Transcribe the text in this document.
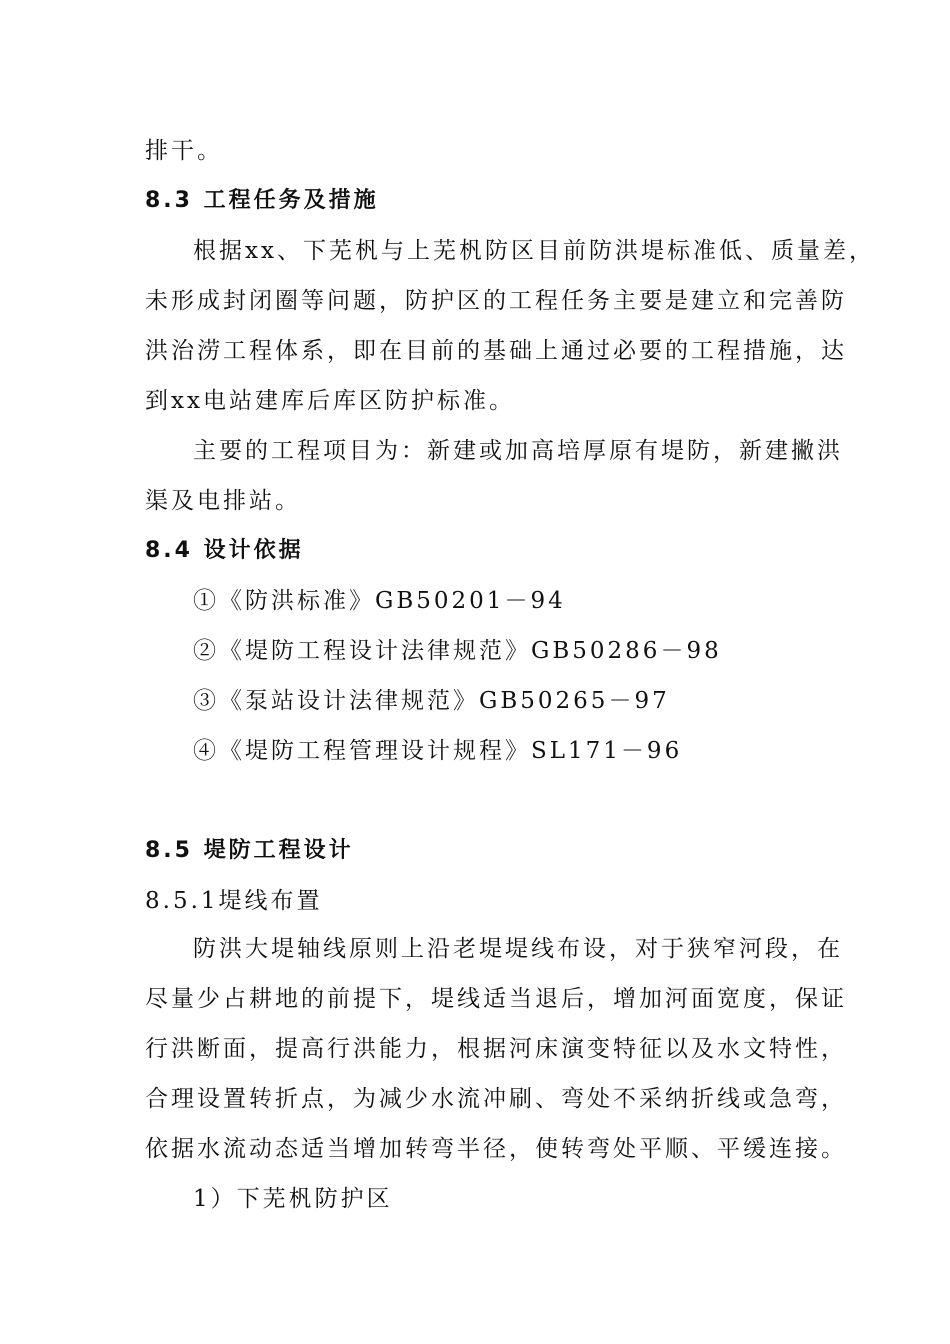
排干。
8.3 工程任务及措施
根据xx、下芜杋与上芜杋防区目前防洪堤标准低、质量差，
未形成封闭圈等问题，防护区的工程任务主要是建立和完善防
洪治涝工程体系，即在目前的基础上通过必要的工程措施，达
到xx电站建库后库区防护标准。
主要的工程项目为：新建或加高培厚原有堤防，新建撇洪
渠及电排站。
8.4 设计依据
①《防洪标准》GB50201－94
②《堤防工程设计法律规范》GB50286－98
③《泵站设计法律规范》GB50265－97
④《堤防工程管理设计规程》SL171－96
8.5 堤防工程设计
8.5.1堤线布置
防洪大堤轴线原则上沿老堤堤线布设，对于狭窄河段，在
尽量少占耕地的前提下，堤线适当退后，增加河面宽度，保证
行洪断面，提高行洪能力，根据河床演变特征以及水文特性，
合理设置转折点，为减少水流冲刷、弯处不采纳折线或急弯，
依据水流动态适当增加转弯半径，使转弯处平顺、平缓连接。
1）下芜杋防护区
